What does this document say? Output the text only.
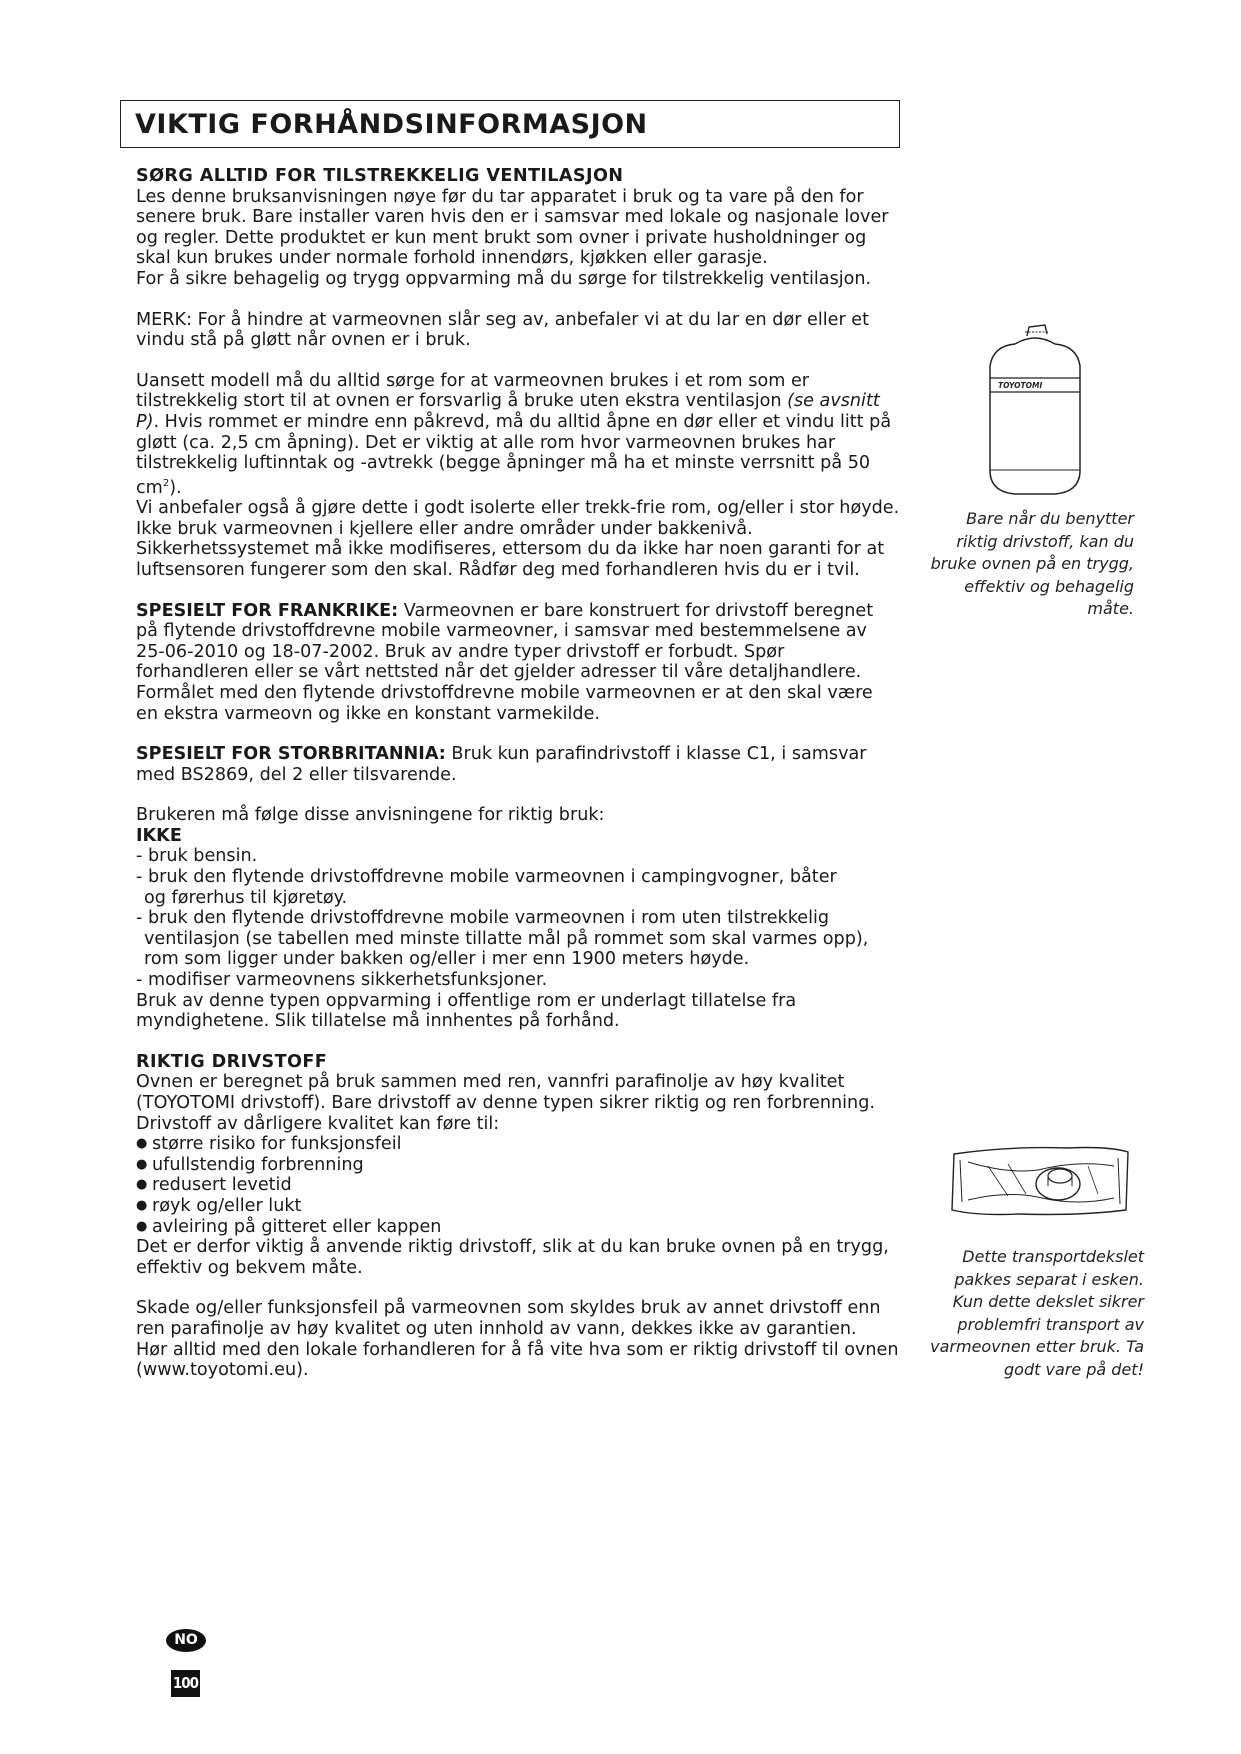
VIKTIG FORHÅNDSINFORMASJON

SØRG ALLTID FOR TILSTREKKELIG VENTILASJON

Les denne bruksanvisningen nøye før du tar apparatet i bruk og ta vare på den for senere bruk. Bare installer varen hvis den er i samsvar med lokale og nasjonale lover og regler. Dette produktet er kun ment brukt som ovner i private husholdninger og skal kun brukes under normale forhold innendørs, kjøkken eller garasje.

For å sikre behagelig og trygg oppvarming må du sørge for tilstrekkelig ventilasjon.

MERK: For å hindre at varmeovnen slår seg av, anbefaler vi at du lar en dør eller et vindu stå på gløtt når ovnen er i bruk.

Uansett modell må du alltid sørge for at varmeovnen brukes i et rom som er tilstrekkelig stort til at ovnen er forsvarlig å bruke uten ekstra ventilasjon (se avsnitt P). Hvis rommet er mindre enn påkrevd, må du alltid åpne en dør eller et vindu litt på gløtt (ca. 2,5 cm åpning). Det er viktig at alle rom hvor varmeovnen brukes har tilstrekkelig luftinntak og -avtrekk (begge åpninger må ha et minste verrsnitt på 50 $cm^2$).

Vi anbefaler også å gjøre dette i godt isolerte eller trekk-frie rom, og/eller i stor høyde. Ikke bruk varmeovnen i kjellere eller andre områder under bakkenivå.

Sikkerhetssystemet må ikke modifiseres, ettersom du da ikke har noen garanti for at luftsensoren fungerer som den skal. Rådfør deg med forhandleren hvis du er i tvil.

SPESIELT FOR FRANKRIKE: Varmeovnen er bare konstruert for drivstoff beregnet på flytende drivstoffdrevne mobile varmeovner, i samsvar med bestemmelsene av 25-06-2010 og 18-07-2002. Bruk av andre typer drivstoff er forbudt. Spør forhandleren eller se vårt nettsted når det gjelder adresser til våre detaljhandlere. Formålet med den flytende drivstoffdrevne mobile varmeovnen er at den skal være en ekstra varmeovn og ikke en konstant varmekilde.

SPESIELT FOR STORBRITANNIA: Bruk kun parafindrivstoff i klasse C1, i samsvar med BS2869, del 2 eller tilsvarende.

Brukeren må følge disse anvisningene for riktig bruk:

IKKE

- bruk bensin.

- bruk den flytende drivstoffdrevne mobile varmeovnen i campingvogner, båter

og førerhus til kjøretøy.

- bruk den flytende drivstoffdrevne mobile varmeovnen i rom uten tilstrekkelig

ventilasjon (se tabellen med minste tillatte mål på rommet som skal varmes opp),

rom som ligger under bakken og/eller i mer enn 1900 meters høyde.

- modifiser varmeovnens sikkerhetsfunksjoner.

Bruk av denne typen oppvarming i offentlige rom er underlagt tillatelse fra myndighetene. Slik tillatelse må innhentes på forhånd.

RIKTIG DRIVSTOFF

Ovnen er beregnet på bruk sammen med ren, vannfri parafinolje av høy kvalitet (TOYOTOMI drivstoff). Bare drivstoff av denne typen sikrer riktig og ren forbrenning. Drivstoff av dårligere kvalitet kan føre til:

● større risiko for funksjonsfeil
● ufullstendig forbrenning
● redusert levetid
● røyk og/eller lukt
● avleiring på gitteret eller kappen

Det er derfor viktig å anvende riktig drivstoff, slik at du kan bruke ovnen på en trygg, effektiv og bekvem måte.

Skade og/eller funksjonsfeil på varmeovnen som skyldes bruk av annet drivstoff enn ren parafinolje av høy kvalitet og uten innhold av vann, dekkes ikke av garantien.

Hør alltid med den lokale forhandleren for å få vite hva som er riktig drivstoff til ovnen (www.toyotomi.eu).

TOYOTOMI

Bare når du benytter riktig drivstoff, kan du bruke ovnen på en trygg, effektiv og behagelig måte.

Dette transportdekslet pakkes separat i esken. Kun dette dekslet sikrer problemfri transport av varmeovnen etter bruk. Ta godt vare på det!

NO
100
